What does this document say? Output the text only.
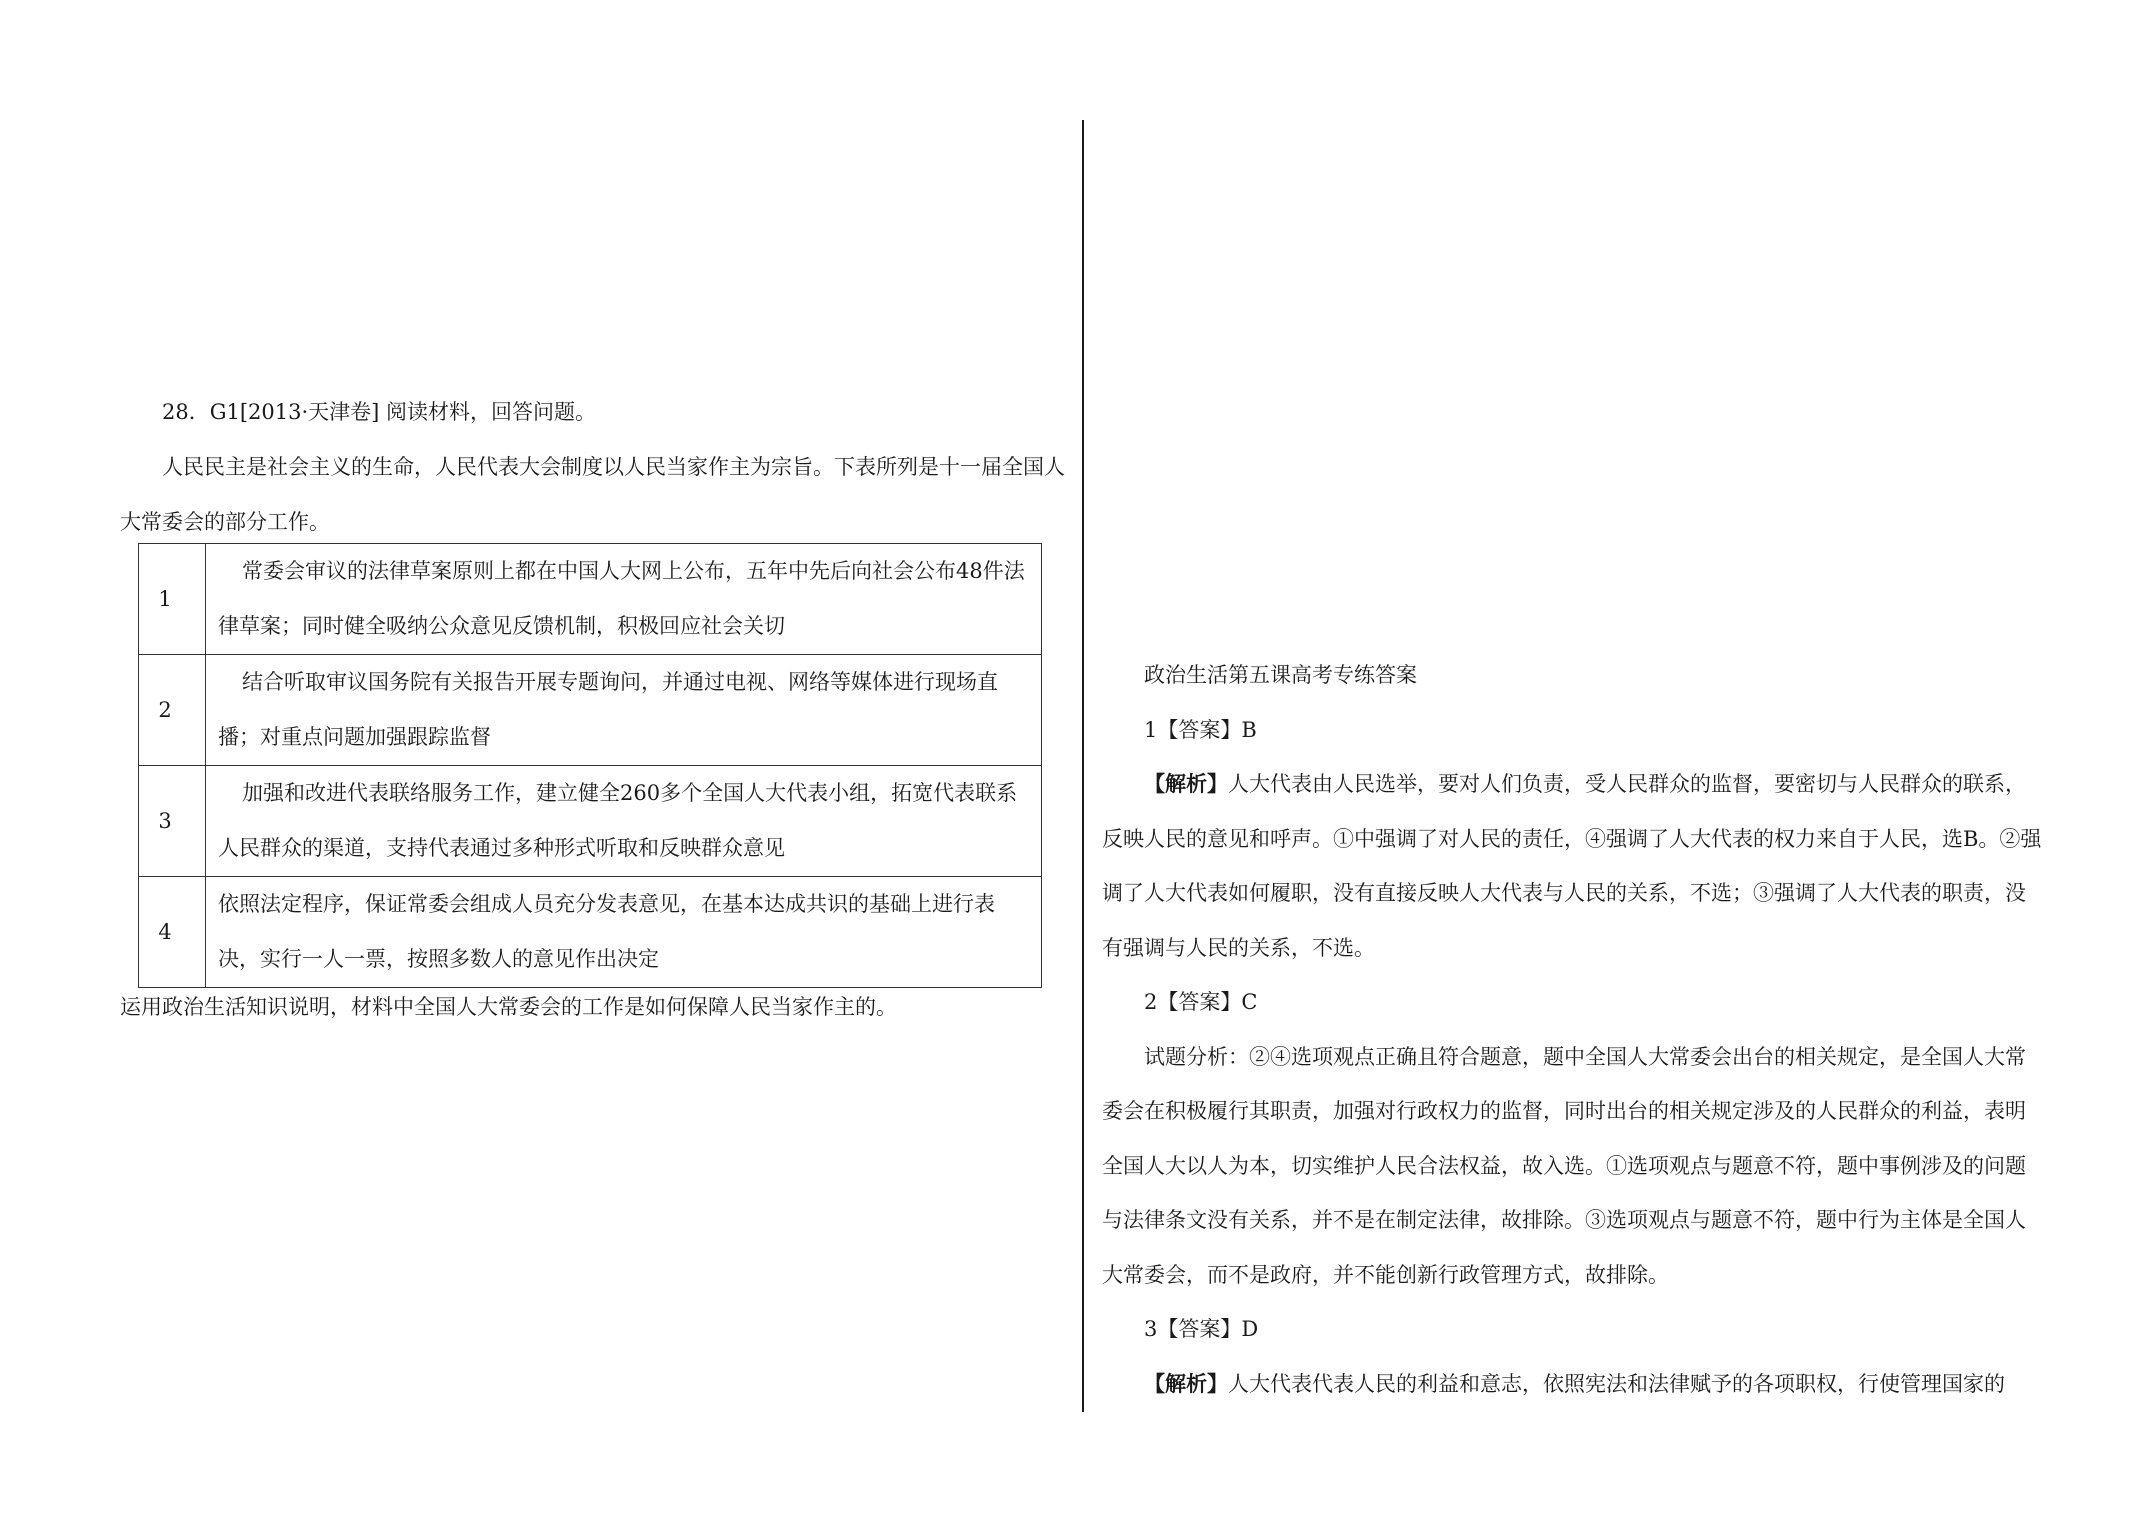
28．G1[2013·天津卷] 阅读材料，回答问题。

人民民主是社会主义的生命，人民代表大会制度以人民当家作主为宗旨。下表所列是十一届全国人大常委会的部分工作。

1	常委会审议的法律草案原则上都在中国人大网上公布，五年中先后向社会公布48件法律草案；同时健全吸纳公众意见反馈机制，积极回应社会关切

2	结合听取审议国务院有关报告开展专题询问，并通过电视、网络等媒体进行现场直播；对重点问题加强跟踪监督

3	加强和改进代表联络服务工作，建立健全260多个全国人大代表小组，拓宽代表联系人民群众的渠道，支持代表通过多种形式听取和反映群众意见

4	依照法定程序，保证常委会组成人员充分发表意见，在基本达成共识的基础上进行表决，实行一人一票，按照多数人的意见作出决定

运用政治生活知识说明，材料中全国人大常委会的工作是如何保障人民当家作主的。

政治生活第五课高考专练答案

1【答案】B

【解析】人大代表由人民选举，要对人们负责，受人民群众的监督，要密切与人民群众的联系，反映人民的意见和呼声。①中强调了对人民的责任，④强调了人大代表的权力来自于人民，选B。②强调了人大代表如何履职，没有直接反映人大代表与人民的关系，不选；③强调了人大代表的职责，没有强调与人民的关系，不选。

2【答案】C

试题分析：②④选项观点正确且符合题意，题中全国人大常委会出台的相关规定，是全国人大常委会在积极履行其职责，加强对行政权力的监督，同时出台的相关规定涉及的人民群众的利益，表明全国人大以人为本，切实维护人民合法权益，故入选。①选项观点与题意不符，题中事例涉及的问题与法律条文没有关系，并不是在制定法律，故排除。③选项观点与题意不符，题中行为主体是全国人大常委会，而不是政府，并不能创新行政管理方式，故排除。

3【答案】D

【解析】人大代表代表人民的利益和意志，依照宪法和法律赋予的各项职权，行使管理国家的
